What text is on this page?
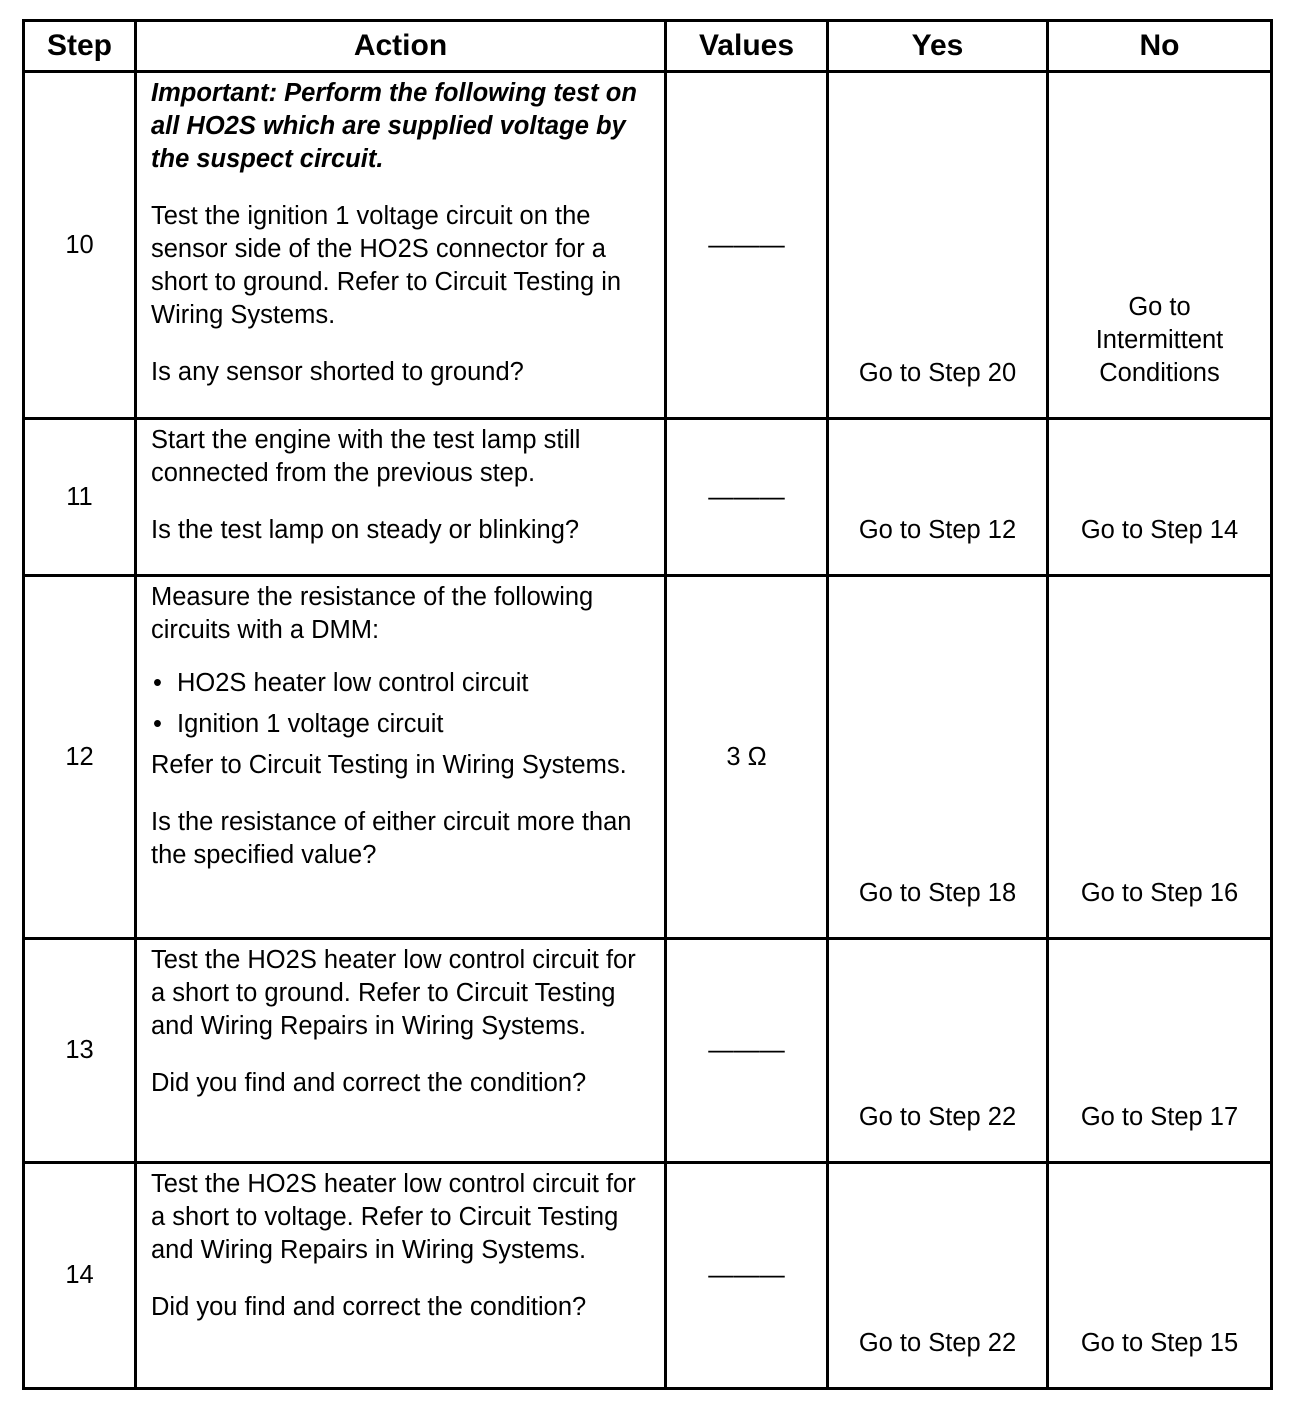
Step	Action	Values	Yes	No
10	Important: Perform the following test on all HO2S which are supplied voltage by the suspect circuit.

Test the ignition 1 voltage circuit on the sensor side of the HO2S connector for a short to ground. Refer to Circuit Testing in Wiring Systems.

Is any sensor shorted to ground?	———	Go to Step 20	Go to Intermittent Conditions

11	Start the engine with the test lamp still connected from the previous step.

Is the test lamp on steady or blinking?	———	Go to Step 12	Go to Step 14
12	Measure the resistance of the following circuits with a DMM:

• HO2S heater low control circuit

• Ignition 1 voltage circuit

Refer to Circuit Testing in Wiring Systems.

Is the resistance of either circuit more than the specified value?	3 Ω	Go to Step 18	Go to Step 16
13	Test the HO2S heater low control circuit for a short to ground. Refer to Circuit Testing and Wiring Repairs in Wiring Systems.

Did you find and correct the condition?	———	Go to Step 22	Go to Step 17
14	Test the HO2S heater low control circuit for a short to voltage. Refer to Circuit Testing and Wiring Repairs in Wiring Systems.

Did you find and correct the condition?	———	Go to Step 22	Go to Step 15
